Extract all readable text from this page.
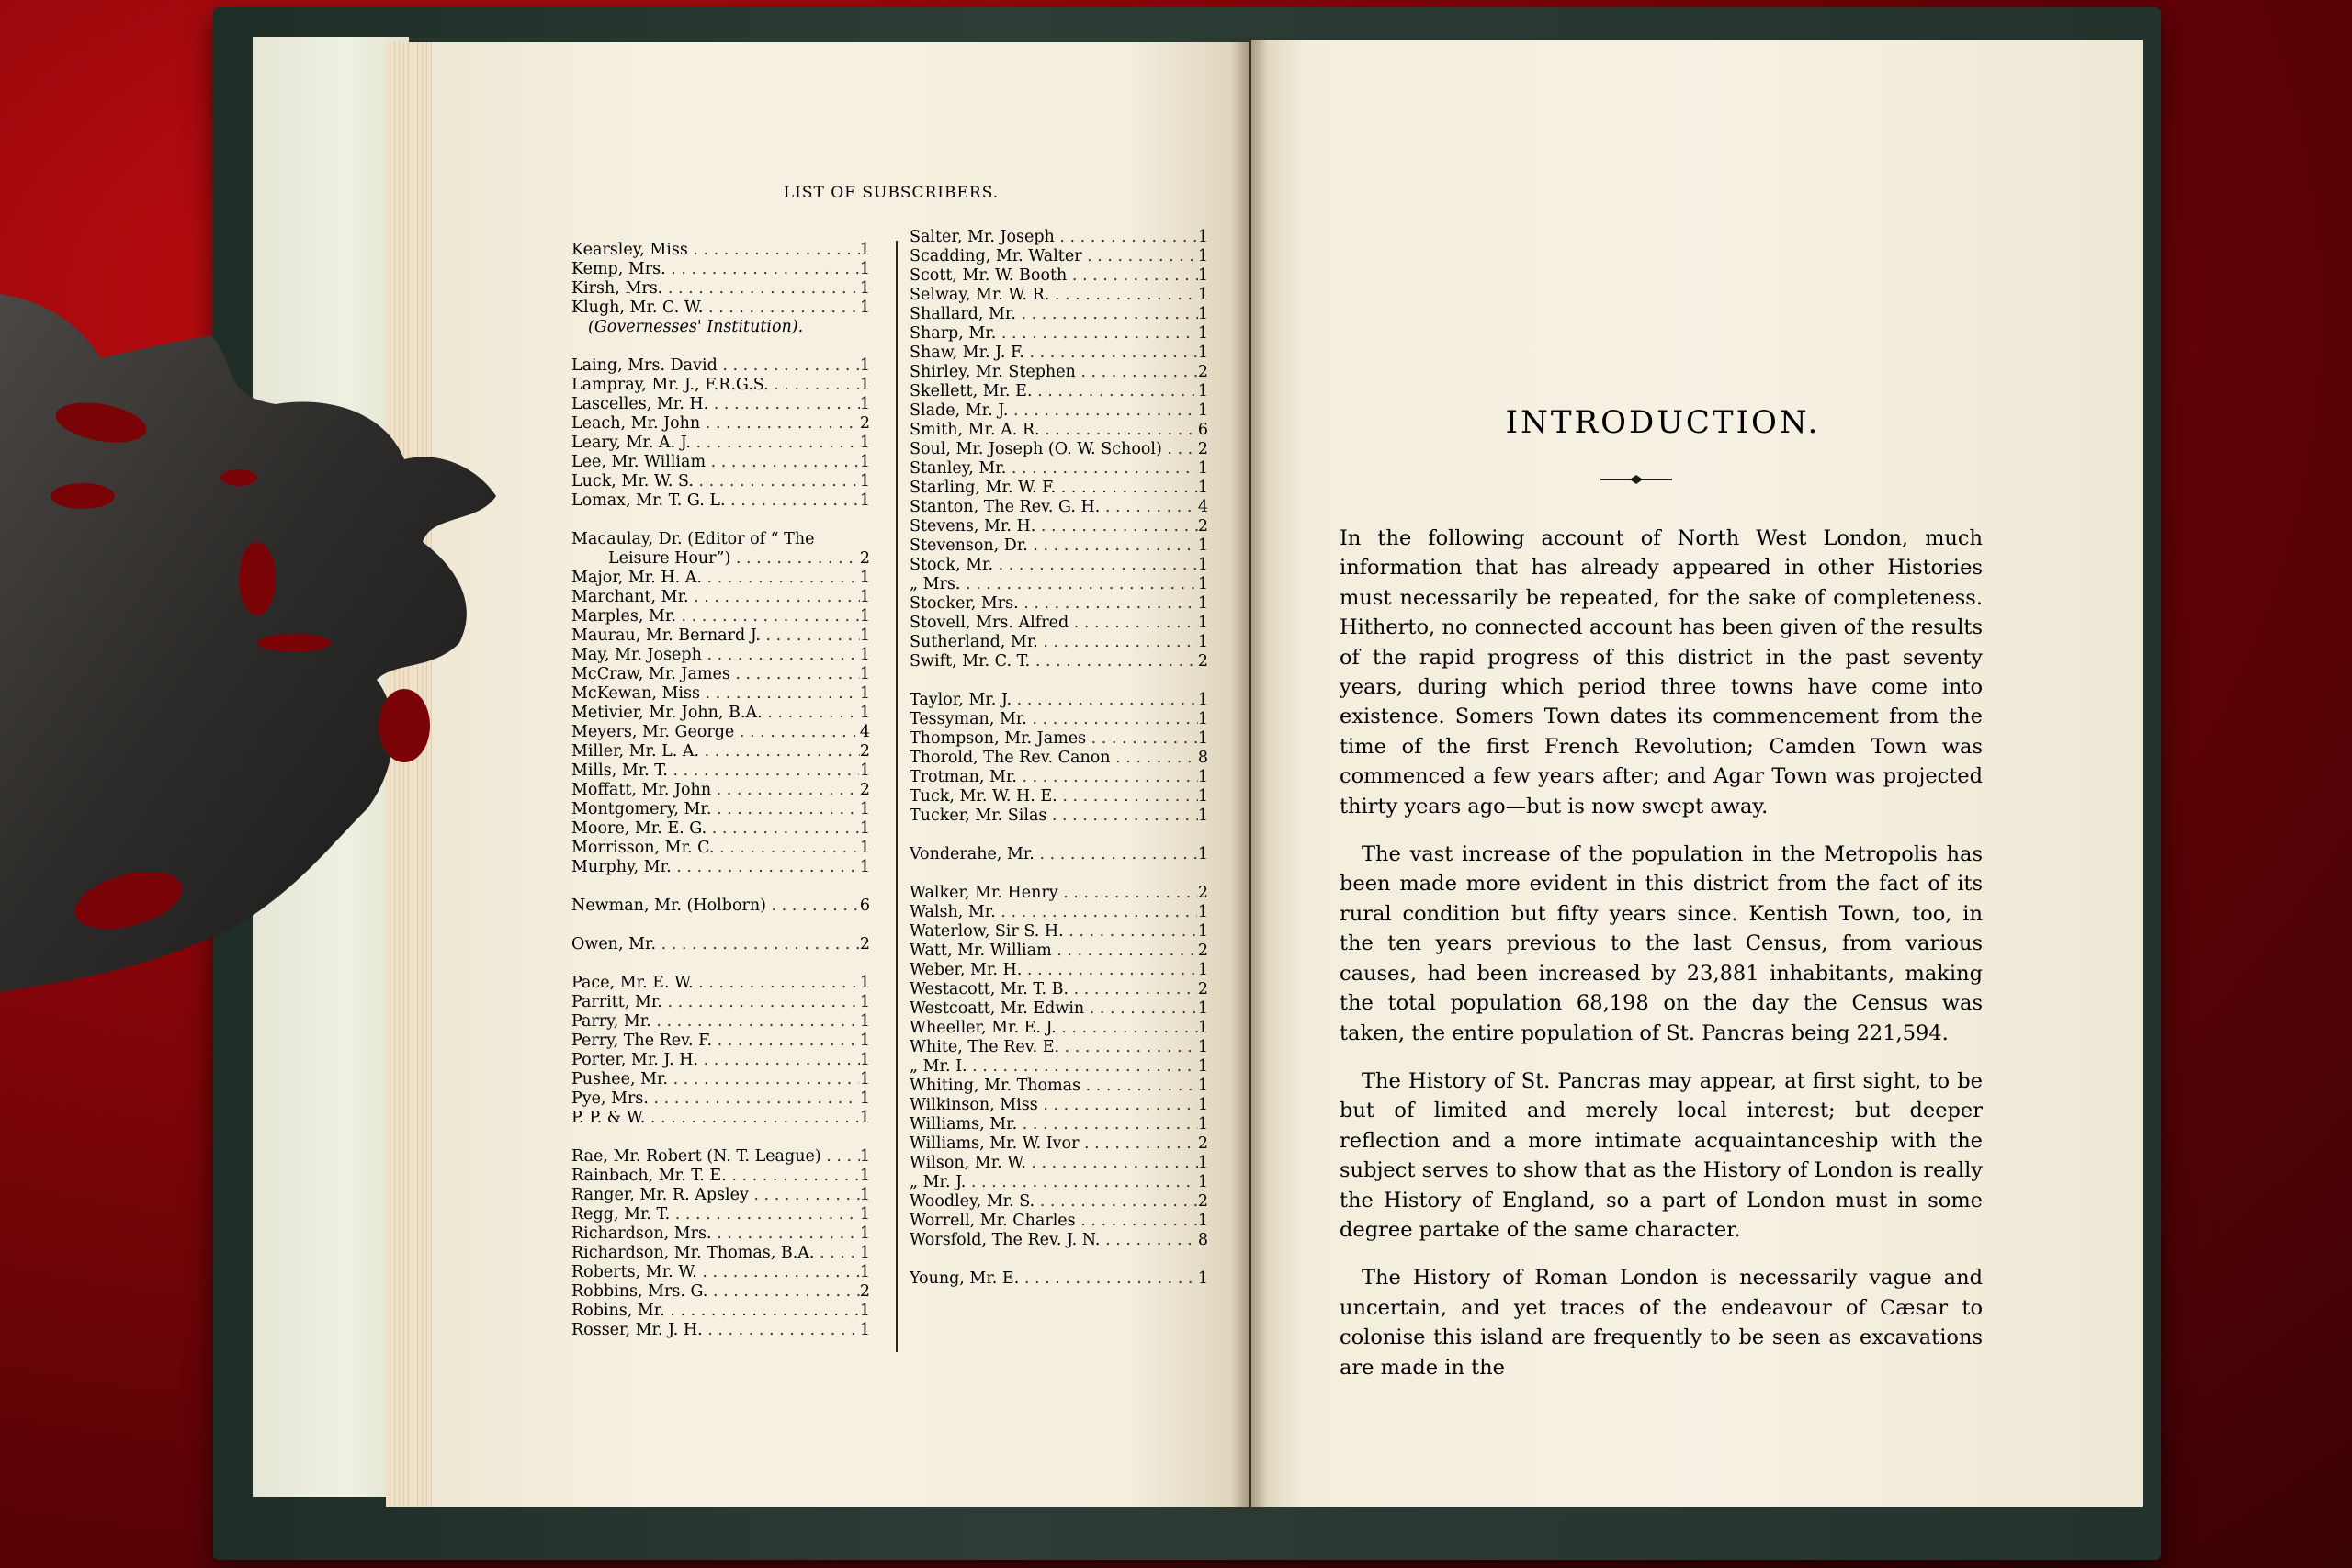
LIST OF SUBSCRIBERS.
Kearsley, Miss . . .	1
Kemp, Mrs. . . .	1
Kirsh, Mrs. . . .	1
Klugh, Mr. C. W. . . .	1
(Governesses' Institution).
Laing, Mrs. David . . .	1
Lampray, Mr. J., F.R.G.S. . . .	1
Lascelles, Mr. H. . . .	1
Leach, Mr. John . . .	2
Leary, Mr. A. J. . . .	1
Lee, Mr. William . . .	1
Luck, Mr. W. S. . . .	1
Lomax, Mr. T. G. L. . . .	1
Macaulay, Dr. (Editor of “ The
Leisure Hour”) . . .	2
Major, Mr. H. A. . . .	1
Marchant, Mr. . . .	1
Marples, Mr. . . .	1
Maurau, Mr. Bernard J. . . .	1
May, Mr. Joseph . . .	1
McCraw, Mr. James . . .	1
McKewan, Miss . . .	1
Metivier, Mr. John, B.A. . . .	1
Meyers, Mr. George . . .	4
Miller, Mr. L. A. . . .	2
Mills, Mr. T. . . .	1
Moffatt, Mr. John . . .	2
Montgomery, Mr. . . .	1
Moore, Mr. E. G. . . .	1
Morrisson, Mr. C. . . .	1
Murphy, Mr. . . .	1
Newman, Mr. (Holborn) . . .	6
Owen, Mr. . . .	2
Pace, Mr. E. W. . . .	1
Parritt, Mr. . . .	1
Parry, Mr. . . .	1
Perry, The Rev. F. . . .	1
Porter, Mr. J. H. . . .	1
Pushee, Mr. . . .	1
Pye, Mrs. . . .	1
P. P. & W. . . .	1
Rae, Mr. Robert (N. T. League) . . .	1
Rainbach, Mr. T. E. . . .	1
Ranger, Mr. R. Apsley . . .	1
Regg, Mr. T. . . .	1
Richardson, Mrs. . . .	1
Richardson, Mr. Thomas, B.A. . . .	1
Roberts, Mr. W. . . .	1
Robbins, Mrs. G. . . .	2
Robins, Mr. . . .	1
Rosser, Mr. J. H. . . .	1
Salter, Mr. Joseph . . .	1
Scadding, Mr. Walter . . .	1
Scott, Mr. W. Booth . . .	1
Selway, Mr. W. R. . . .	1
Shallard, Mr. . . .	1
Sharp, Mr. . . .	1
Shaw, Mr. J. F. . . .	1
Shirley, Mr. Stephen . . .	2
Skellett, Mr. E. . . .	1
Slade, Mr. J. . . .	1
Smith, Mr. A. R. . . .	6
Soul, Mr. Joseph (O. W. School) . . .	2
Stanley, Mr. . . .	1
Starling, Mr. W. F. . . .	1
Stanton, The Rev. G. H. . . .	4
Stevens, Mr. H. . . .	2
Stevenson, Dr. . . .	1
Stock, Mr. . . .	1
„ Mrs. . . .	1
Stocker, Mrs. . . .	1
Stovell, Mrs. Alfred . . .	1
Sutherland, Mr. . . .	1
Swift, Mr. C. T. . . .	2
Taylor, Mr. J. . . .	1
Tessyman, Mr. . . .	1
Thompson, Mr. James . . .	1
Thorold, The Rev. Canon . . .	8
Trotman, Mr. . . .	1
Tuck, Mr. W. H. E. . . .	1
Tucker, Mr. Silas . . .	1
Vonderahe, Mr. . . .	1
Walker, Mr. Henry . . .	2
Walsh, Mr. . . .	1
Waterlow, Sir S. H. . . .	1
Watt, Mr. William . . .	2
Weber, Mr. H. . . .	1
Westacott, Mr. T. B. . . .	2
Westcoatt, Mr. Edwin . . .	1
Wheeller, Mr. E. J. . . .	1
White, The Rev. E. . . .	1
„ Mr. I. . . .	1
Whiting, Mr. Thomas . . .	1
Wilkinson, Miss . . .	1
Williams, Mr. . . .	1
Williams, Mr. W. Ivor . . .	2
Wilson, Mr. W. . . .	1
„ Mr. J. . . .	1
Woodley, Mr. S. . . .	2
Worrell, Mr. Charles . . .	1
Worsfold, The Rev. J. N. . . .	8
Young, Mr. E. . . .	1
INTRODUCTION.

In the following account of North West London, much information that has already appeared in other Histories must necessarily be repeated, for the sake of completeness. Hitherto, no connected account has been given of the results of the rapid progress of this district in the past seventy years, during which period three towns have come into existence. Somers Town dates its commencement from the time of the first French Revolution; Camden Town was commenced a few years after; and Agar Town was projected thirty years ago—but is now swept away.

The vast increase of the population in the Metropolis has been made more evident in this district from the fact of its rural condition but fifty years since. Kentish Town, too, in the ten years previous to the last Census, from various causes, had been increased by 23,881 inhabitants, making the total population 68,198 on the day the Census was taken, the entire population of St. Pancras being 221,594.

The History of St. Pancras may appear, at first sight, to be but of limited and merely local interest; but deeper reflection and a more intimate acquaintanceship with the subject serves to show that as the History of London is really the History of England, so a part of London must in some degree partake of the same character.

The History of Roman London is necessarily vague and uncertain, and yet traces of the endeavour of Cæsar to colonise this island are frequently to be seen as excavations are made in the
